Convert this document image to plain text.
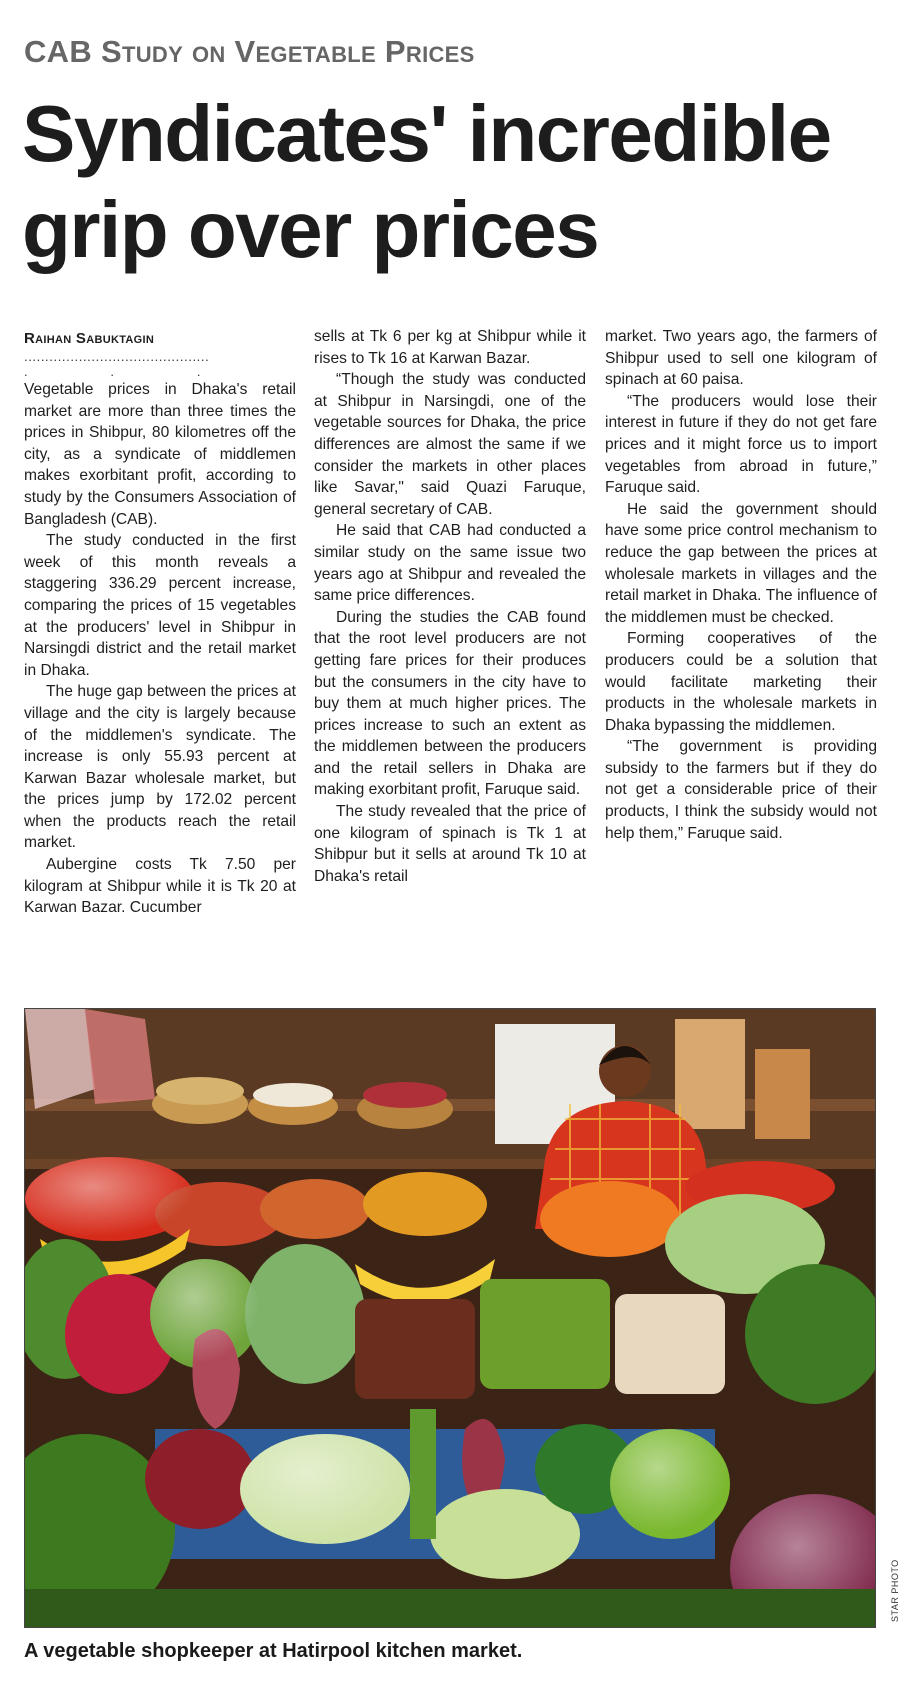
CAB Study on Vegetable Prices
Syndicates' incredible grip over prices
Raihan Sabuktagin
............................................
. . .

Vegetable prices in Dhaka's retail market are more than three times the prices in Shibpur, 80 kilometres off the city, as a syndicate of middlemen makes exorbitant profit, according to study by the Consumers Association of Bangladesh (CAB).

The study conducted in the first week of this month reveals a staggering 336.29 percent increase, comparing the prices of 15 vegetables at the producers' level in Shibpur in Narsingdi district and the retail market in Dhaka.

The huge gap between the prices at village and the city is largely because of the middlemen's syndicate. The increase is only 55.93 percent at Karwan Bazar wholesale market, but the prices jump by 172.02 percent when the products reach the retail market.

Aubergine costs Tk 7.50 per kilogram at Shibpur while it is Tk 20 at Karwan Bazar. Cucumber

sells at Tk 6 per kg at Shibpur while it rises to Tk 16 at Karwan Bazar.

“Though the study was conducted at Shibpur in Narsingdi, one of the vegetable sources for Dhaka, the price differences are almost the same if we consider the markets in other places like Savar," said Quazi Faruque, general secretary of CAB.

He said that CAB had conducted a similar study on the same issue two years ago at Shibpur and revealed the same price differences.

During the studies the CAB found that the root level producers are not getting fare prices for their produces but the consumers in the city have to buy them at much higher prices. The prices increase to such an extent as the middlemen between the producers and the retail sellers in Dhaka are making exorbitant profit, Faruque said.

The study revealed that the price of one kilogram of spinach is Tk 1 at Shibpur but it sells at around Tk 10 at Dhaka's retail

market. Two years ago, the farmers of Shibpur used to sell one kilogram of spinach at 60 paisa.

“The producers would lose their interest in future if they do not get fare prices and it might force us to import vegetables from abroad in future,” Faruque said.

He said the government should have some price control mechanism to reduce the gap between the prices at wholesale markets in villages and the retail market in Dhaka. The influence of the middlemen must be checked.

Forming cooperatives of the producers could be a solution that would facilitate marketing their products in the wholesale markets in Dhaka bypassing the middlemen.

“The government is providing subsidy to the farmers but if they do not get a considerable price of their products, I think the subsidy would not help them,” Faruque said.

STAR PHOTO
A vegetable shopkeeper at Hatirpool kitchen market.
